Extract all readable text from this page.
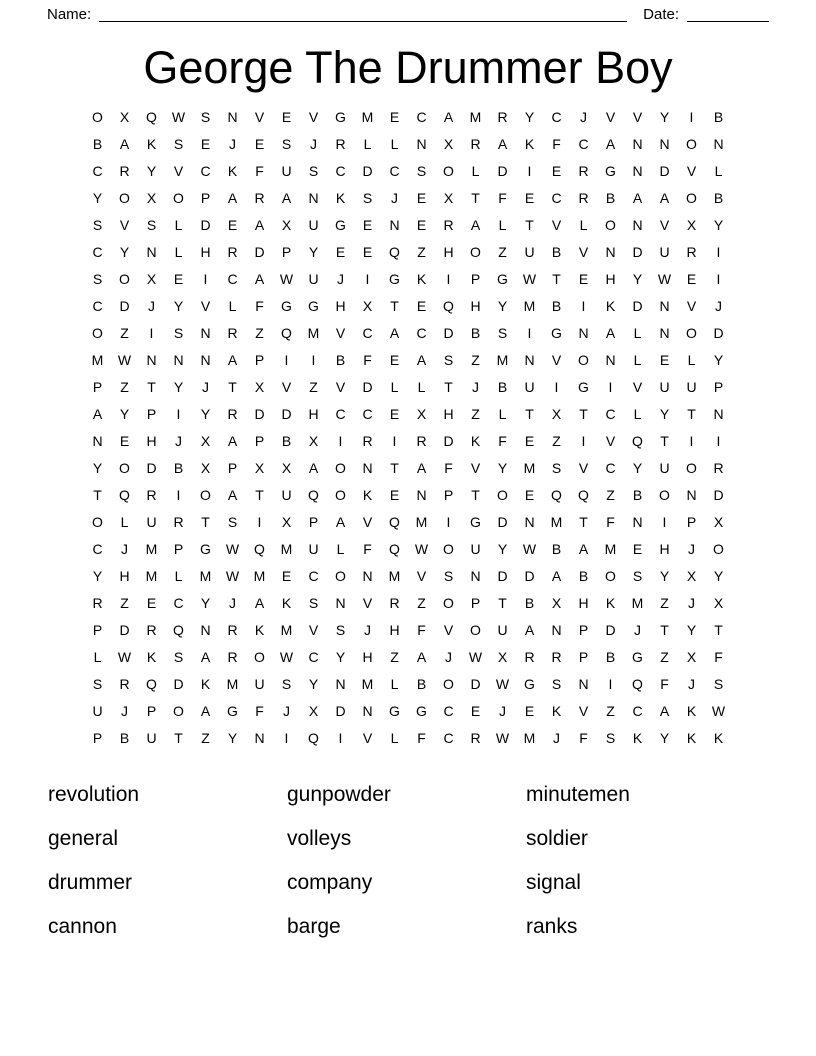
Name:	Date:
George The Drummer Boy
O	X	Q	W	S	N	V	E	V	G	M	E	C	A	M	R	Y	C	J	V	V	Y	I	B
B	A	K	S	E	J	E	S	J	R	L	L	N	X	R	A	K	F	C	A	N	N	O	N
C	R	Y	V	C	K	F	U	S	C	D	C	S	O	L	D	I	E	R	G	N	D	V	L
Y	O	X	O	P	A	R	A	N	K	S	J	E	X	T	F	E	C	R	B	A	A	O	B
S	V	S	L	D	E	A	X	U	G	E	N	E	R	A	L	T	V	L	O	N	V	X	Y
C	Y	N	L	H	R	D	P	Y	E	E	Q	Z	H	O	Z	U	B	V	N	D	U	R	I
S	O	X	E	I	C	A	W	U	J	I	G	K	I	P	G	W	T	E	H	Y	W	E	I
C	D	J	Y	V	L	F	G	G	H	X	T	E	Q	H	Y	M	B	I	K	D	N	V	J
O	Z	I	S	N	R	Z	Q	M	V	C	A	C	D	B	S	I	G	N	A	L	N	O	D
M	W	N	N	N	A	P	I	I	B	F	E	A	S	Z	M	N	V	O	N	L	E	L	Y
P	Z	T	Y	J	T	X	V	Z	V	D	L	L	T	J	B	U	I	G	I	V	U	U	P
A	Y	P	I	Y	R	D	D	H	C	C	E	X	H	Z	L	T	X	T	C	L	Y	T	N
N	E	H	J	X	A	P	B	X	I	R	I	R	D	K	F	E	Z	I	V	Q	T	I	I
Y	O	D	B	X	P	X	X	A	O	N	T	A	F	V	Y	M	S	V	C	Y	U	O	R
T	Q	R	I	O	A	T	U	Q	O	K	E	N	P	T	O	E	Q	Q	Z	B	O	N	D
O	L	U	R	T	S	I	X	P	A	V	Q	M	I	G	D	N	M	T	F	N	I	P	X
C	J	M	P	G	W	Q	M	U	L	F	Q	W	O	U	Y	W	B	A	M	E	H	J	O
Y	H	M	L	M	W	M	E	C	O	N	M	V	S	N	D	D	A	B	O	S	Y	X	Y
R	Z	E	C	Y	J	A	K	S	N	V	R	Z	O	P	T	B	X	H	K	M	Z	J	X
P	D	R	Q	N	R	K	M	V	S	J	H	F	V	O	U	A	N	P	D	J	T	Y	T
L	W	K	S	A	R	O	W	C	Y	H	Z	A	J	W	X	R	R	P	B	G	Z	X	F
S	R	Q	D	K	M	U	S	Y	N	M	L	B	O	D	W	G	S	N	I	Q	F	J	S
U	J	P	O	A	G	F	J	X	D	N	G	G	C	E	J	E	K	V	Z	C	A	K	W
P	B	U	T	Z	Y	N	I	Q	I	V	L	F	C	R	W	M	J	F	S	K	Y	K	K
revolution
general
drummer
cannon
gunpowder
volleys
company
barge
minutemen
soldier
signal
ranks
